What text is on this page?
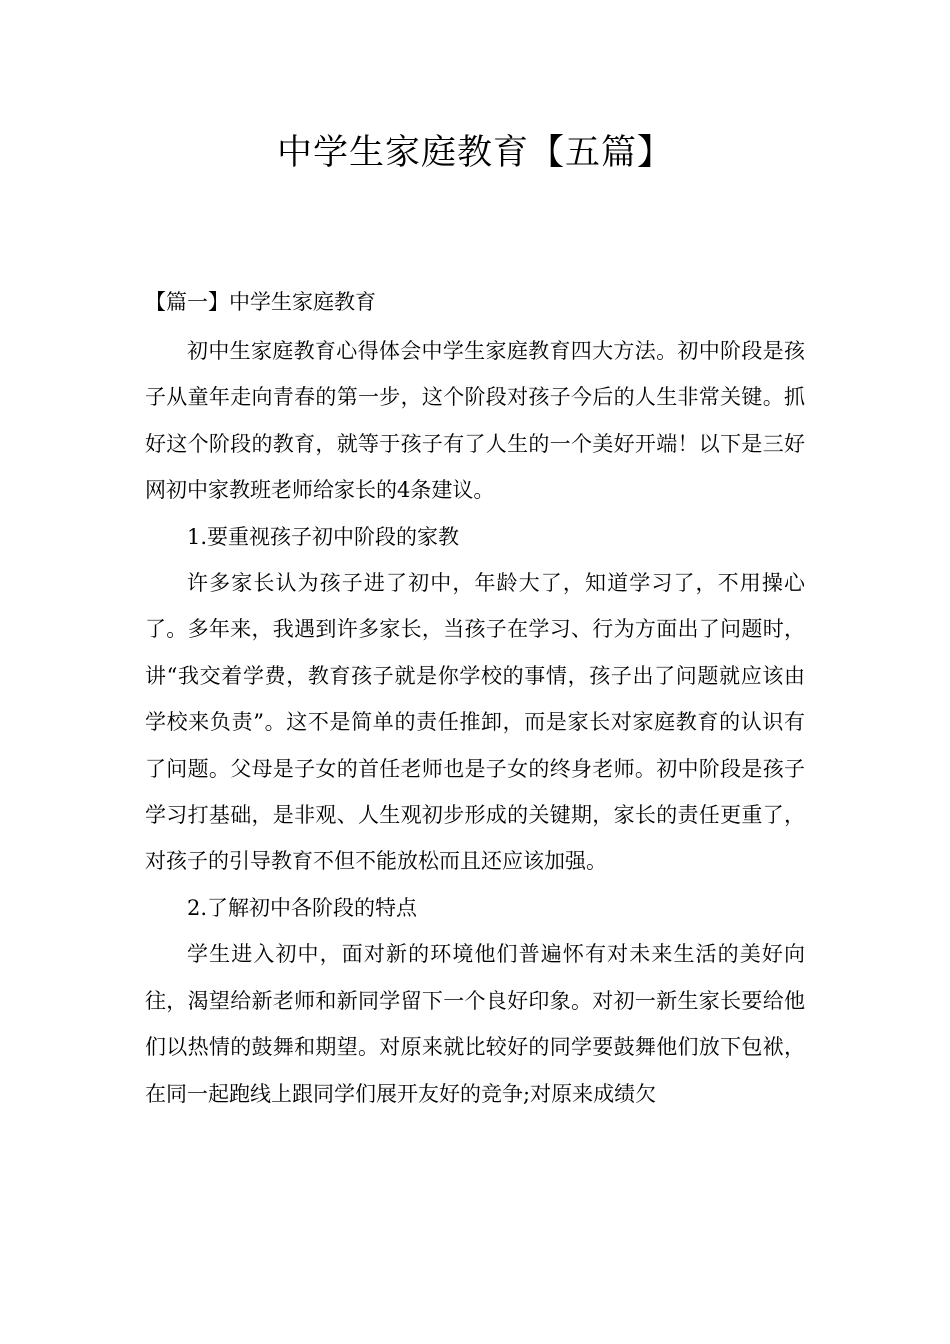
中学生家庭教育【五篇】
【篇一】中学生家庭教育

初中生家庭教育心得体会中学生家庭教育四大方法。初中阶段是孩子从童年走向青春的第一步，这个阶段对孩子今后的人生非常关键。抓好这个阶段的教育，就等于孩子有了人生的一个美好开端！以下是三好网初中家教班老师给家长的4条建议。

1.要重视孩子初中阶段的家教

许多家长认为孩子进了初中，年龄大了，知道学习了，不用操心了。多年来，我遇到许多家长，当孩子在学习、行为方面出了问题时，讲“我交着学费，教育孩子就是你学校的事情，孩子出了问题就应该由学校来负责”。这不是简单的责任推卸，而是家长对家庭教育的认识有了问题。父母是子女的首任老师也是子女的终身老师。初中阶段是孩子学习打基础，是非观、人生观初步形成的关键期，家长的责任更重了，对孩子的引导教育不但不能放松而且还应该加强。

2.了解初中各阶段的特点

学生进入初中，面对新的环境他们普遍怀有对未来生活的美好向往，渴望给新老师和新同学留下一个良好印象。对初一新生家长要给他们以热情的鼓舞和期望。对原来就比较好的同学要鼓舞他们放下包袱，在同一起跑线上跟同学们展开友好的竞争;对原来成绩欠
